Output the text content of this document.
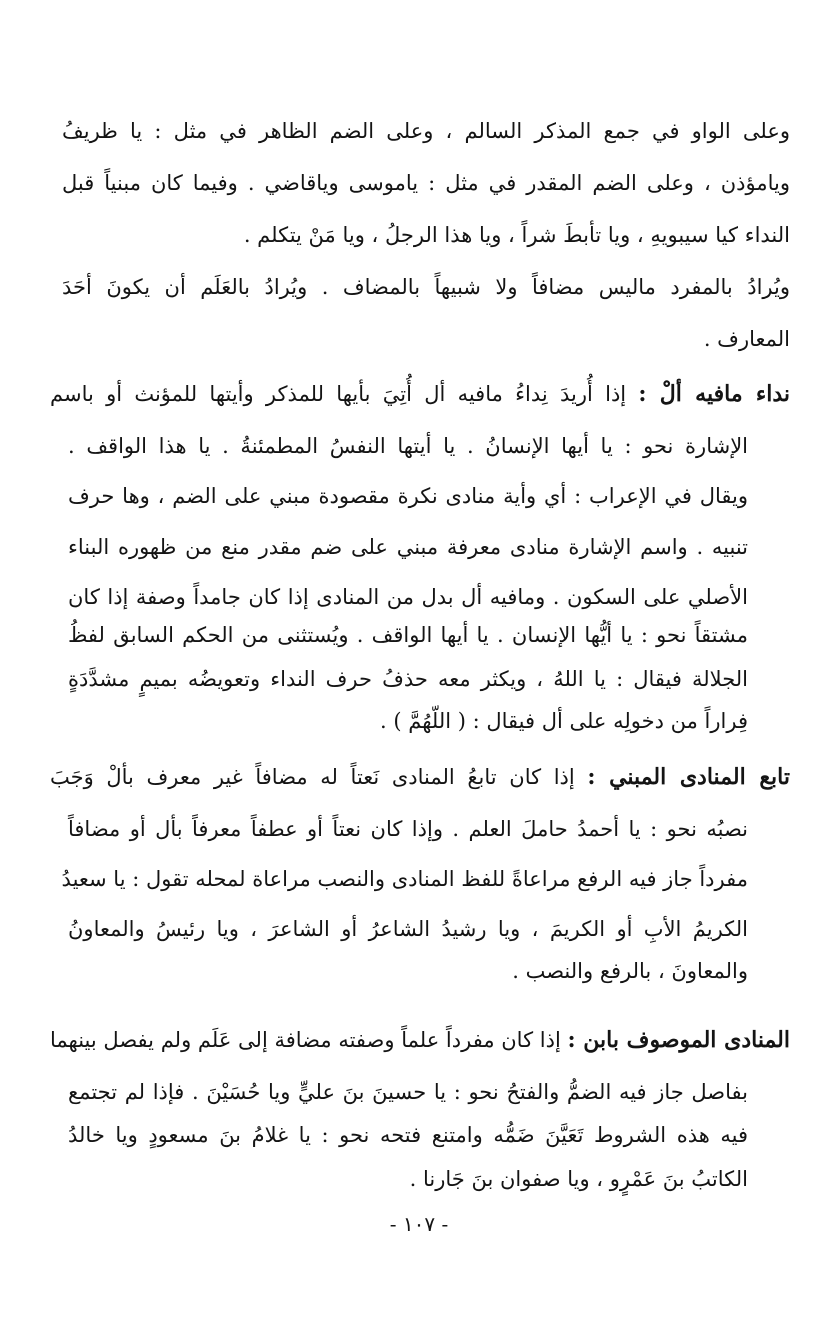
وعلى الواو في جمع المذكر السالم ، وعلى الضم الظاهر في مثل : يا ظريفُ
ويامؤذن ، وعلى الضم المقدر في مثل : ياموسى وياقاضي . وفيما كان مبنياً قبل
النداء كيا سيبويهِ ، ويا تأبطَ شراً ، ويا هذا الرجلُ ، ويا مَنْ يتكلم .
ويُرادُ بالمفرد ماليس مضافاً ولا شبيهاً بالمضاف . ويُرادُ بالعَلَم أن يكونَ أحَدَ
المعارف .
نداء مافيه ألْ : إذا أُريدَ نِداءُ مافيه أل أُتِيَ بأيها للمذكر وأيتها للمؤنث أو باسم
الإشارة نحو : يا أيها الإنسانُ . يا أيتها النفسُ المطمئنةُ . يا هذا الواقف .
ويقال في الإعراب : أي وأية منادى نكرة مقصودة مبني على الضم ، وها حرف
تنبيه . واسم الإشارة منادى معرفة مبني على ضم مقدر منع من ظهوره البناء
الأصلي على السكون . ومافيه أل بدل من المنادى إذا كان جامداً وصفة إذا كان
مشتقاً نحو : يا أيُّها الإنسان . يا أيها الواقف . ويُستثنى من الحكم السابق لفظُ
الجلالة فيقال : يا اللهُ ، ويكثر معه حذفُ حرف النداء وتعويضُه بميمٍ مشدَّدَةٍ
فِراراً من دخولِه على أل فيقال : ( اللّهُمَّ ) .
تابع المنادى المبني : إذا كان تابعُ المنادى نَعتاً له مضافاً غير معرف بألْ وَجَبَ
نصبُه نحو : يا أحمدُ حاملَ العلم . وإذا كان نعتاً أو عطفاً معرفاً بأل أو مضافاً
مفرداً جاز فيه الرفع مراعاةً للفظ المنادى والنصب مراعاة لمحله تقول : يا سعيدُ
الكريمُ الأبِ أو الكريمَ ، ويا رشيدُ الشاعرُ أو الشاعرَ ، ويا رئيسُ والمعاونُ
والمعاونَ ، بالرفع والنصب .
المنادى الموصوف بابن : إذا كان مفرداً علماً وصفته مضافة إلى عَلَم ولم يفصل بينهما
بفاصل جاز فيه الضمُّ والفتحُ نحو : يا حسينَ بنَ عليٍّ ويا حُسَيْنَ . فإذا لم تجتمع
فيه هذه الشروط تَعَيَّنَ ضَمُّه وامتنع فتحه نحو : يا غلامُ بنَ مسعودٍ ويا خالدُ
الكاتبُ بنَ عَمْرٍو ، ويا صفوان بنَ جَارنا .
- ١٠٧ -
